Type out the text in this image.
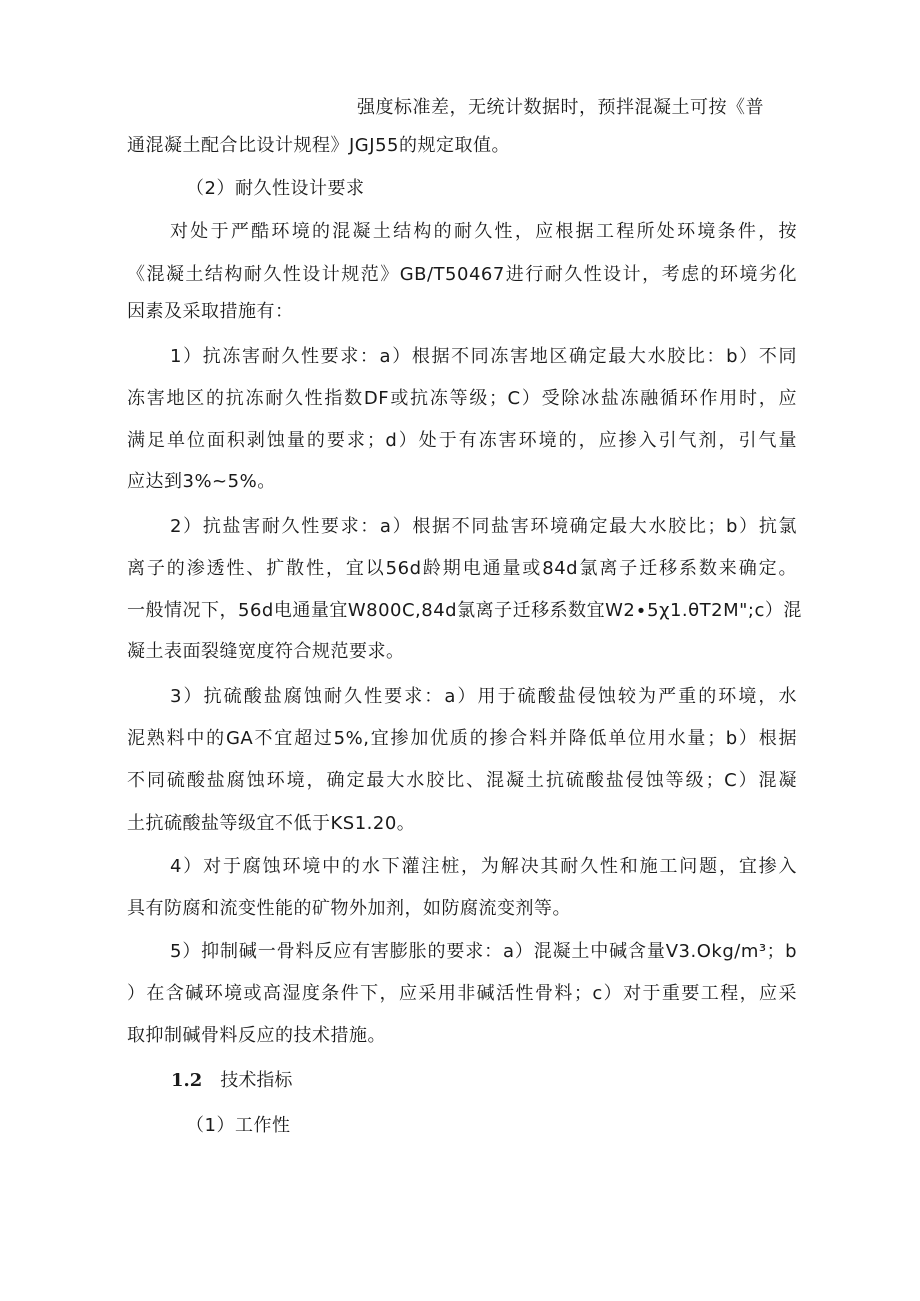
强度标准差，无统计数据时，预拌混凝土可按《普
通混凝土配合比设计规程》JGJ55的规定取值。
（2）耐久性设计要求
对处于严酷环境的混凝土结构的耐久性，应根据工程所处环境条件，按
《混凝土结构耐久性设计规范》GB/T50467进行耐久性设计，考虑的环境劣化
因素及采取措施有：
1）抗冻害耐久性要求：a）根据不同冻害地区确定最大水胶比：b）不同
冻害地区的抗冻耐久性指数DF或抗冻等级；C）受除冰盐冻融循环作用时，应
满足单位面积剥蚀量的要求；d）处于有冻害环境的，应掺入引气剂，引气量
应达到3%~5%。
2）抗盐害耐久性要求：a）根据不同盐害环境确定最大水胶比；b）抗氯
离子的渗透性、扩散性，宜以56d龄期电通量或84d氯离子迁移系数来确定。
一般情况下，56d电通量宜W800C,84d氯离子迁移系数宜W2∙5χ1.θT2M";c）混
凝土表面裂缝宽度符合规范要求。
3）抗硫酸盐腐蚀耐久性要求：a）用于硫酸盐侵蚀较为严重的环境，水
泥熟料中的GA不宜超过5%,宜掺加优质的掺合料并降低单位用水量；b）根据
不同硫酸盐腐蚀环境，确定最大水胶比、混凝土抗硫酸盐侵蚀等级；C）混凝
土抗硫酸盐等级宜不低于KS1.20。
4）对于腐蚀环境中的水下灌注桩，为解决其耐久性和施工问题，宜掺入
具有防腐和流变性能的矿物外加剂，如防腐流变剂等。
5）抑制碱一骨料反应有害膨胀的要求：a）混凝土中碱含量V3.Okg∕m³；b
）在含碱环境或高湿度条件下，应采用非碱活性骨料；c）对于重要工程，应采
取抑制碱骨料反应的技术措施。
1.2 技术指标
（1）工作性
